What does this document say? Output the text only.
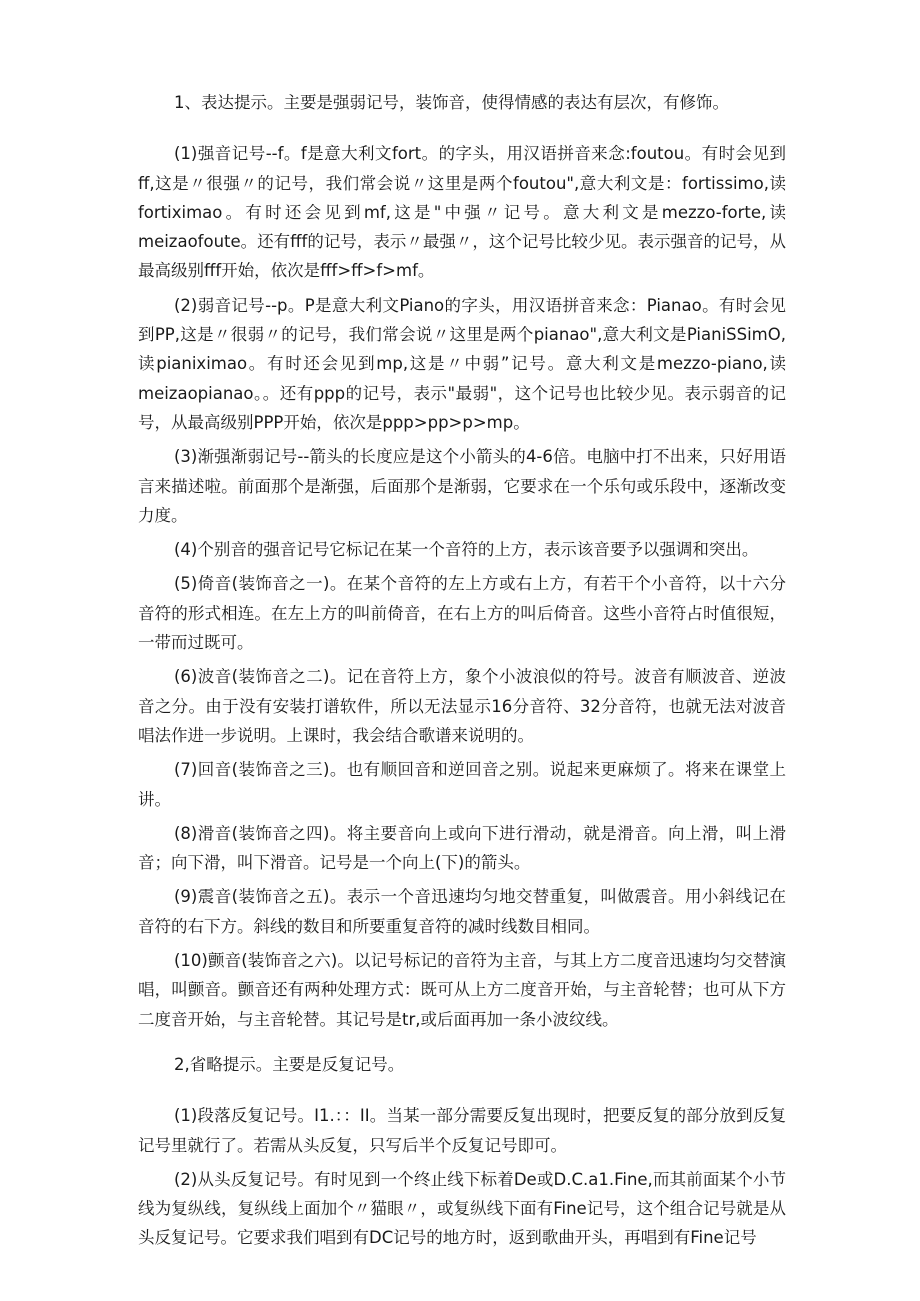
1、表达提示。主要是强弱记号，装饰音，使得情感的表达有层次，有修饰。

(1)强音记号--f。f是意大利文fort。的字头，用汉语拼音来念:foutou。有时会见到ff,这是〃很强〃的记号，我们常会说〃这里是两个foutou",意大利文是：fortissimo,读fortiximao。有时还会见到mf,这是"中强〃记号。意大利文是mezzo-forte,读meizaofoute。还有fff的记号，表示〃最强〃，这个记号比较少见。表示强音的记号，从最高级别fff开始，依次是fff>ff>f>mf。

(2)弱音记号--p。P是意大利文Piano的字头，用汉语拼音来念：Pianao。有时会见到PP,这是〃很弱〃的记号，我们常会说〃这里是两个pianao",意大利文是PianiSSimO,读pianiximao。有时还会见到mp,这是〃中弱”记号。意大利文是mezzo-piano,读meizaopianao。。还有ppp的记号，表示"最弱"，这个记号也比较少见。表示弱音的记号，从最高级别PPP开始，依次是ppp>pp>p>mp。

(3)渐强渐弱记号--箭头的长度应是这个小箭头的4-6倍。电脑中打不出来，只好用语言来描述啦。前面那个是渐强，后面那个是渐弱，它要求在一个乐句或乐段中，逐渐改变力度。

(4)个别音的强音记号它标记在某一个音符的上方，表示该音要予以强调和突出。

(5)倚音(装饰音之一)。在某个音符的左上方或右上方，有若干个小音符，以十六分音符的形式相连。在左上方的叫前倚音，在右上方的叫后倚音。这些小音符占时值很短，一带而过既可。

(6)波音(装饰音之二)。记在音符上方，象个小波浪似的符号。波音有顺波音、逆波音之分。由于没有安装打谱软件，所以无法显示16分音符、32分音符，也就无法对波音唱法作进一步说明。上课时，我会结合歌谱来说明的。

(7)回音(装饰音之三)。也有顺回音和逆回音之别。说起来更麻烦了。将来在课堂上讲。

(8)滑音(装饰音之四)。将主要音向上或向下进行滑动，就是滑音。向上滑，叫上滑音；向下滑，叫下滑音。记号是一个向上(下)的箭头。

(9)震音(装饰音之五)。表示一个音迅速均匀地交替重复，叫做震音。用小斜线记在音符的右下方。斜线的数目和所要重复音符的减时线数目相同。

(10)颤音(装饰音之六)。以记号标记的音符为主音，与其上方二度音迅速均匀交替演唱，叫颤音。颤音还有两种处理方式：既可从上方二度音开始，与主音轮替；也可从下方二度音开始，与主音轮替。其记号是tr,或后面再加一条小波纹线。

2,省略提示。主要是反复记号。

(1)段落反复记号。I1.：：II。当某一部分需要反复出现时，把要反复的部分放到反复记号里就行了。若需从头反复，只写后半个反复记号即可。

(2)从头反复记号。有时见到一个终止线下标着De或D.C.a1.Fine,而其前面某个小节线为复纵线，复纵线上面加个〃猫眼〃，或复纵线下面有Fine记号，这个组合记号就是从头反复记号。它要求我们唱到有DC记号的地方时，返到歌曲开头，再唱到有Fine记号
